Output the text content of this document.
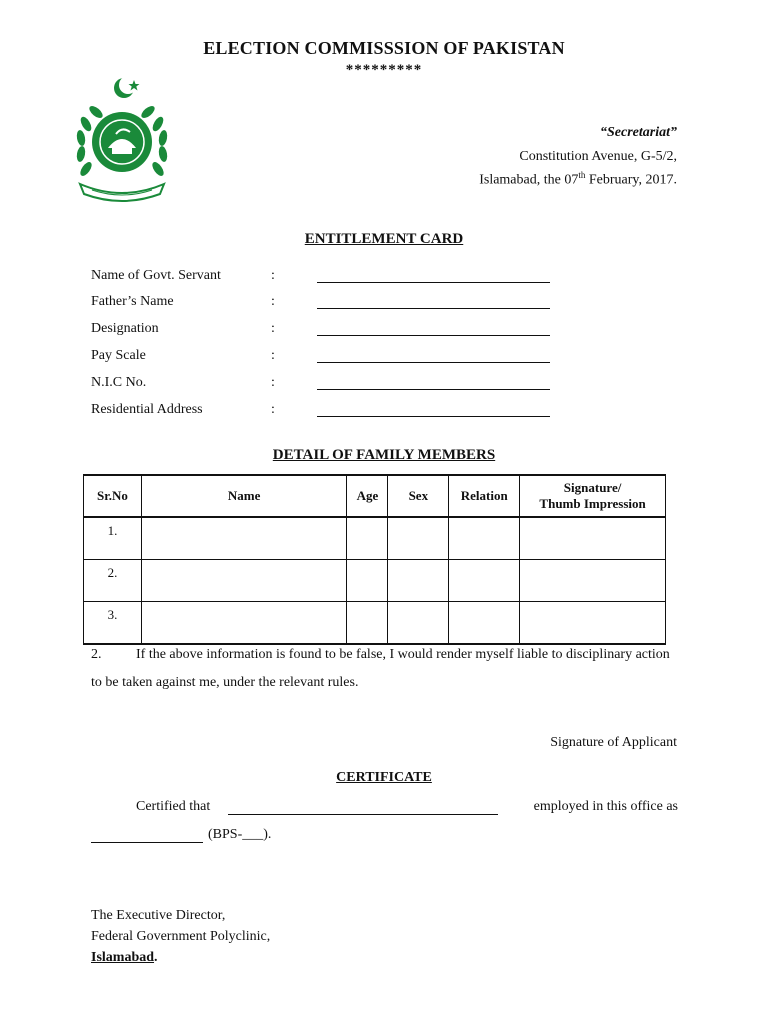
ELECTION COMMISSSION OF PAKISTAN
*********
“Secretariat”
Constitution Avenue, G-5/2,
Islamabad, the 07th February, 2017.
ENTITLEMENT CARD
Name of Govt. Servant	:
Father’s Name	:
Designation	:
Pay Scale	:
N.I.C No.	:
Residential Address	:
DETAIL OF FAMILY MEMBERS
Sr.No	Name	Age	Sex	Relation	Signature/
Thumb Impression
1.					
2.					
3.					
2. If the above information is found to be false, I would render myself liable to disciplinary action to be taken against me, under the relevant rules.
Signature of Applicant
CERTIFICATE
Certified that	employed in this office as
(BPS-___).
The Executive Director,
Federal Government Polyclinic,
Islamabad.
